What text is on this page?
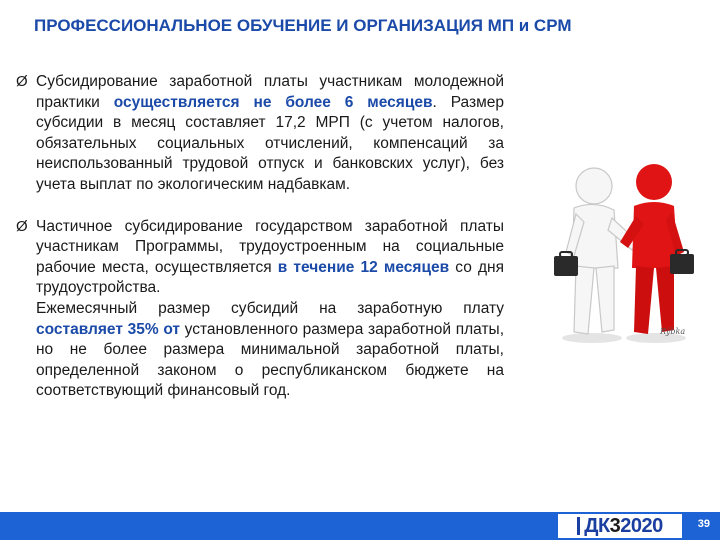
ПРОФЕССИОНАЛЬНОЕ ОБУЧЕНИЕ И ОРГАНИЗАЦИЯ МП и СРМ
Ø Субсидирование заработной платы участникам молодежной практики осуществляется не более 6 месяцев. Размер субсидии в месяц составляет 17,2 МРП (с учетом налогов, обязательных социальных отчислений, компенсаций за неиспользованный трудовой отпуск и банковских услуг), без учета выплат по экологическим надбавкам.

Ø Частичное субсидирование государством заработной платы участникам Программы, трудоустроенным на социальные рабочие места, осуществляется в течение 12 месяцев со дня трудоустройства.

Ежемесячный размер субсидий на заработную плату составляет 35% от установленного размера заработной платы, но не более размера минимальной заработной платы, определенной законом о республиканском бюджете на соответствующий финансовый год.

Rýbka
ДК32020	39
